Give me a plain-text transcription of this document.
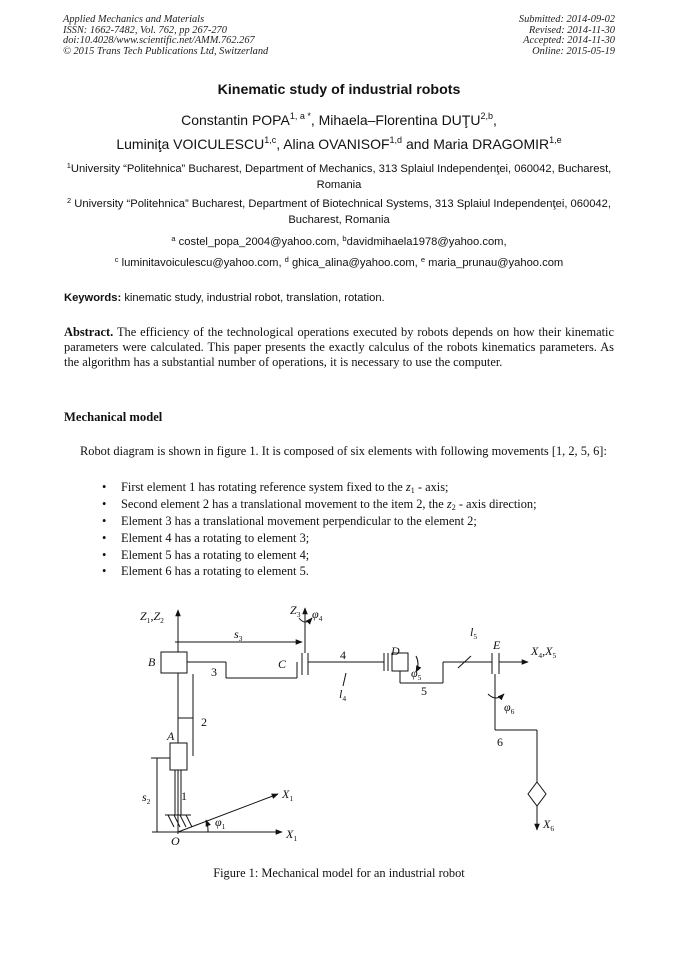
Applied Mechanics and Materials
ISSN: 1662-7482, Vol. 762, pp 267-270
doi:10.4028/www.scientific.net/AMM.762.267
© 2015 Trans Tech Publications Ltd, Switzerland
Submitted: 2014-09-02
Revised: 2014-11-30
Accepted: 2014-11-30
Online: 2015-05-19
Kinematic study of industrial robots
Constantin $POPA^{1, a *}$, Mihaela–Florentina DUŢU$^{2,b}$,
Luminiţa VOICULESCU$^{1,c}$, Alina OVANISOF$^{1,d}$ and Maria DRAGOMIR$^{1,e}$
$^1$University “Politehnica” Bucharest, Department of Mechanics, 313 Splaiul Independenţei, 060042, Bucharest, Romania
$^2$ University “Politehnica” Bucharest, Department of Biotechnical Systems, 313 Splaiul Independenţei, 060042, Bucharest, Romania
$^a$ costel_popa_2004@yahoo.com, $^b$davidmihaela1978@yahoo.com,
$^c$ luminitavoiculescu@yahoo.com, $^d$ ghica_alina@yahoo.com, $^e$ maria_prunau@yahoo.com
Keywords: kinematic study, industrial robot, translation, rotation.
Abstract. The efficiency of the technological operations executed by robots depends on how their kinematic parameters were calculated. This paper presents the exactly calculus of the robots kinematics parameters. As the algorithm has a substantial number of operations, it is necessary to use the computer.
Mechanical model
Robot diagram is shown in figure 1. It is composed of six elements with following movements [1, 2, 5, 6]:
• First element 1 has rotating reference system fixed to the z1 - axis;
• Second element 2 has a translational movement to the item 2, the z2 - axis direction;
• Element 3 has a translational movement perpendicular to the element 2;
• Element 4 has a rotating to element 3;
• Element 5 has a rotating to element 4;
• Element 6 has a rotating to element 5.
$Z_1,Z_2$
$s_3$
$Z_3$ $\varphi_4$
B	C
3
4
$l_4$
D
$\varphi_5$
5
$l_5$
E	$X_4,X_5$
$\varphi_6$
6
$X_6$
2
A
1
$s_2$
$X_1$
$X_1$
$\varphi_1$
O
Figure 1: Mechanical model for an industrial robot
